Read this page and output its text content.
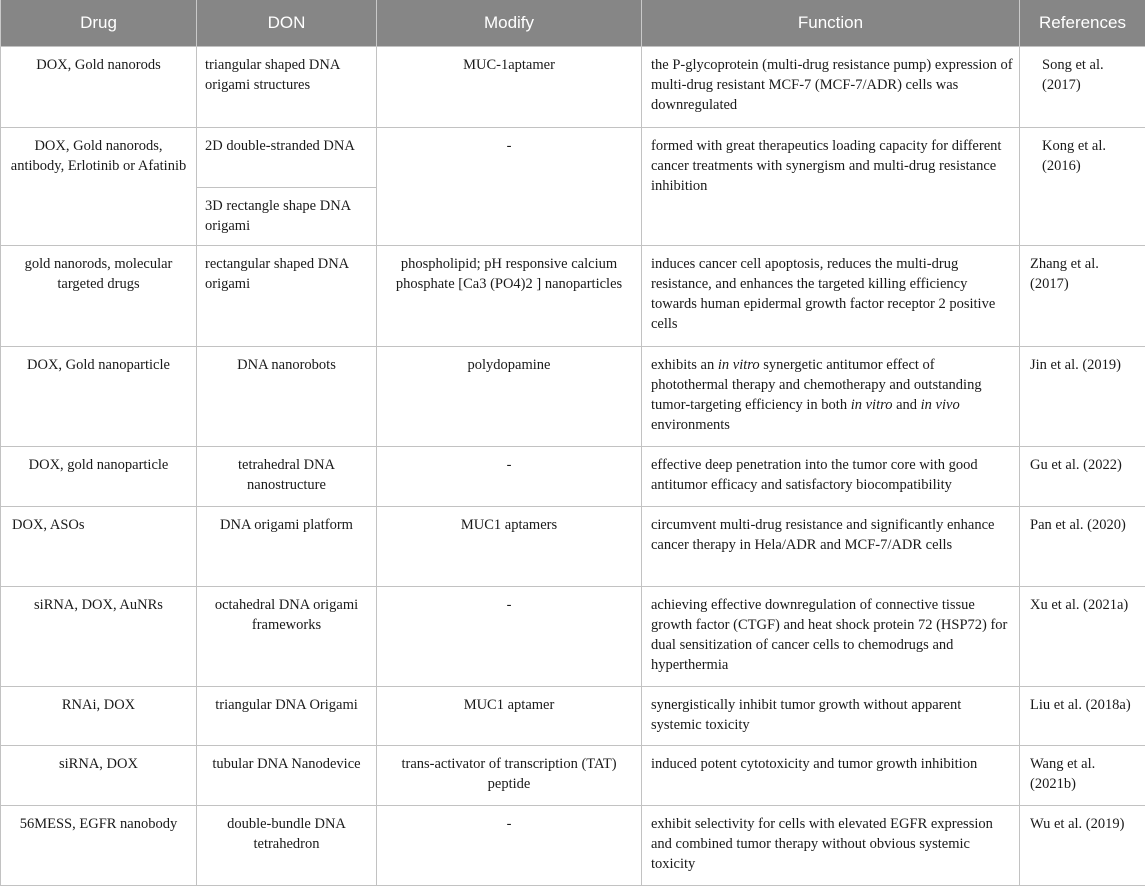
Drug	DON	Modify	Function	References
DOX, Gold nanorods	triangular shaped DNA origami structures	MUC-1aptamer	the P-glycoprotein (multi-drug resistance pump) expression of multi-drug resistant MCF-7 (MCF-7/ADR) cells was downregulated	Song et al. (2017)
DOX, Gold nanorods, antibody, Erlotinib or Afatinib	2D double-stranded DNA	-	formed with great therapeutics loading capacity for different cancer treatments with synergism and multi-drug resistance inhibition	Kong et al. (2016)
	3D rectangle shape DNA origami			
gold nanorods, molecular targeted drugs	rectangular shaped DNA origami	phospholipid; pH responsive calcium phosphate [Ca3 (PO4)2 ] nanoparticles	induces cancer cell apoptosis, reduces the multi-drug resistance, and enhances the targeted killing efficiency towards human epidermal growth factor receptor 2 positive cells	Zhang et al. (2017)
DOX, Gold nanoparticle	DNA nanorobots	polydopamine	exhibits an in vitro synergetic antitumor effect of photothermal therapy and chemotherapy and outstanding tumor-targeting efficiency in both in vitro and in vivo environments	Jin et al. (2019)
DOX, gold nanoparticle	tetrahedral DNA nanostructure	-	effective deep penetration into the tumor core with good antitumor efficacy and satisfactory biocompatibility	Gu et al. (2022)
DOX, ASOs	DNA origami platform	MUC1 aptamers	circumvent multi-drug resistance and significantly enhance cancer therapy in Hela/ADR and MCF-7/ADR cells	Pan et al. (2020)
siRNA, DOX, AuNRs	octahedral DNA origami frameworks	-	achieving effective downregulation of connective tissue growth factor (CTGF) and heat shock protein 72 (HSP72) for dual sensitization of cancer cells to chemodrugs and hyperthermia	Xu et al. (2021a)
RNAi, DOX	triangular DNA Origami	MUC1 aptamer	synergistically inhibit tumor growth without apparent systemic toxicity	Liu et al. (2018a)
siRNA, DOX	tubular DNA Nanodevice	trans-activator of transcription (TAT) peptide	induced potent cytotoxicity and tumor growth inhibition	Wang et al. (2021b)
56MESS, EGFR nanobody	double-bundle DNA tetrahedron	-	exhibit selectivity for cells with elevated EGFR expression and combined tumor therapy without obvious systemic toxicity	Wu et al. (2019)
